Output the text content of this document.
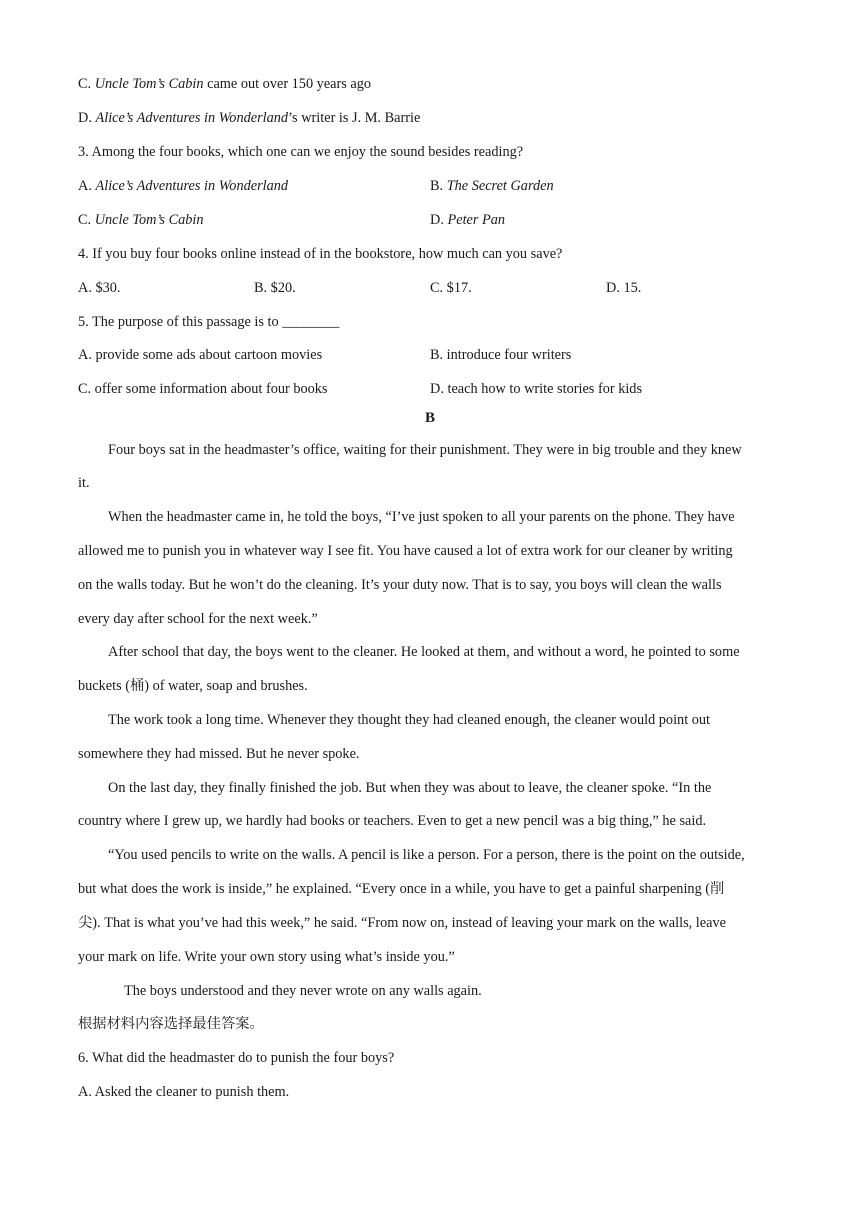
C. Uncle Tom’s Cabin came out over 150 years ago
D. Alice’s Adventures in Wonderland’s writer is J. M. Barrie
3. Among the four books, which one can we enjoy the sound besides reading?
A. Alice’s Adventures in Wonderland	B. The Secret Garden
C. Uncle Tom’s Cabin	D. Peter Pan
4. If you buy four books online instead of in the bookstore, how much can you save?
A. $30.	B. $20.	C. $17.	D. 15.
5. The purpose of this passage is to ________
A. provide some ads about cartoon movies	B. introduce four writers
C. offer some information about four books	D. teach how to write stories for kids
B
Four boys sat in the headmaster’s office, waiting for their punishment. They were in big trouble and they knew
it.
When the headmaster came in, he told the boys, “I’ve just spoken to all your parents on the phone. They have
allowed me to punish you in whatever way I see fit. You have caused a lot of extra work for our cleaner by writing
on the walls today. But he won’t do the cleaning. It’s your duty now. That is to say, you boys will clean the walls
every day after school for the next week.”
After school that day, the boys went to the cleaner. He looked at them, and without a word, he pointed to some
buckets (桶) of water, soap and brushes.
The work took a long time. Whenever they thought they had cleaned enough, the cleaner would point out
somewhere they had missed. But he never spoke.
On the last day, they finally finished the job. But when they was about to leave, the cleaner spoke. “In the
country where I grew up, we hardly had books or teachers. Even to get a new pencil was a big thing,” he said.
“You used pencils to write on the walls. A pencil is like a person. For a person, there is the point on the outside,
but what does the work is inside,” he explained. “Every once in a while, you have to get a painful sharpening (削
尖). That is what you’ve had this week,” he said. “From now on, instead of leaving your mark on the walls, leave
your mark on life. Write your own story using what’s inside you.”
The boys understood and they never wrote on any walls again.
根据材料内容选择最佳答案。
6. What did the headmaster do to punish the four boys?
A. Asked the cleaner to punish them.
